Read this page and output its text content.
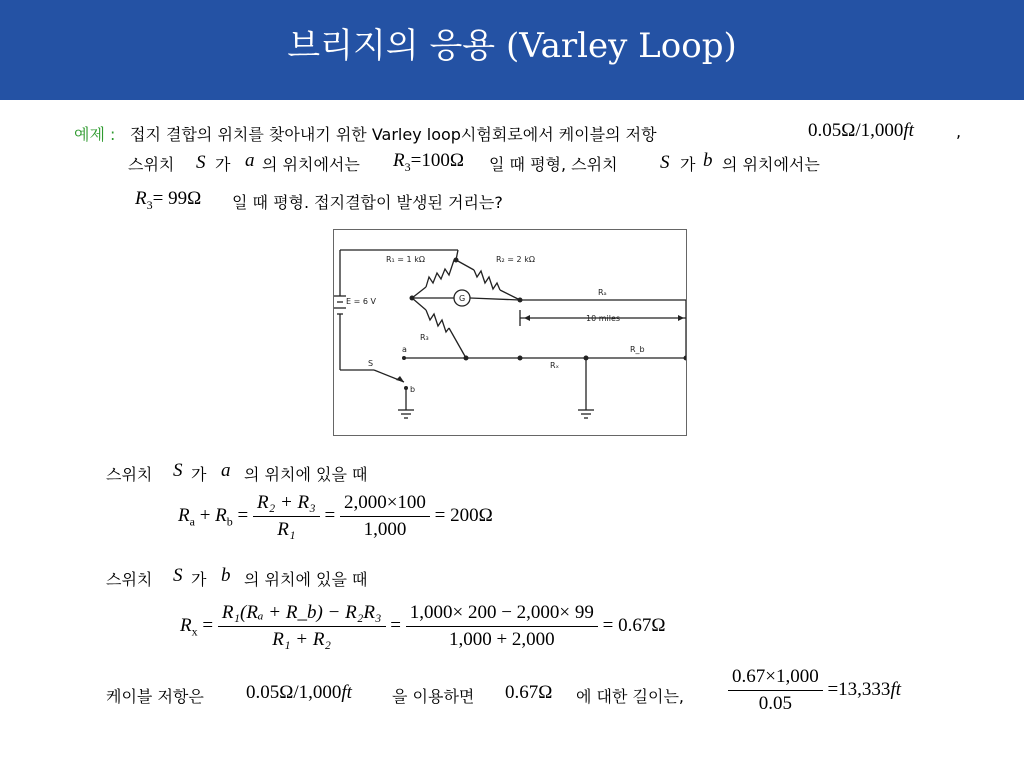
브리지의 응용 (Varley Loop)
예제 : 접지 결합의 위치를 찾아내기 위한 Varley loop시험회로에서 케이블의 저항	0.05Ω/1,000ft	,
스위치 S 가 a 의 위치에서는 $R_3=100\Omega$ 일 때 평형, 스위치 S 가 b 의 위치에서는
$R_3= 99\Omega$ 일 때 평형. 접지결합이 발생된 거리는?
R₁ = 1 kΩ	R₂ = 2 kΩ
R₃
E = 6 V	G
Rₐ
R_b
Rₓ
10 miles
S
a
b
스위치 S 가 a 의 위치에 있을 때
$R_a + R_b = \frac{\text{R₂ + R₃}}{\text{R₁}} = \frac{2,000\times 100}{1,000} = 200\Omega$
스위치 S 가 b 의 위치에 있을 때
$R_x = \frac{\text{R₁(Rₐ + R\_b) − R₂R₃}}{\text{R₁ + R₂}} = \frac{1,000\times 200 - 2,000\times 99}{1,000 + 2,000} = 0.67\Omega$
케이블 저항은 0.05Ω/1,000ft	을 이용하면 0.67Ω 에 대한 길이는, $\frac{0.67\times 1,000}{0.05} =13,333ft$
